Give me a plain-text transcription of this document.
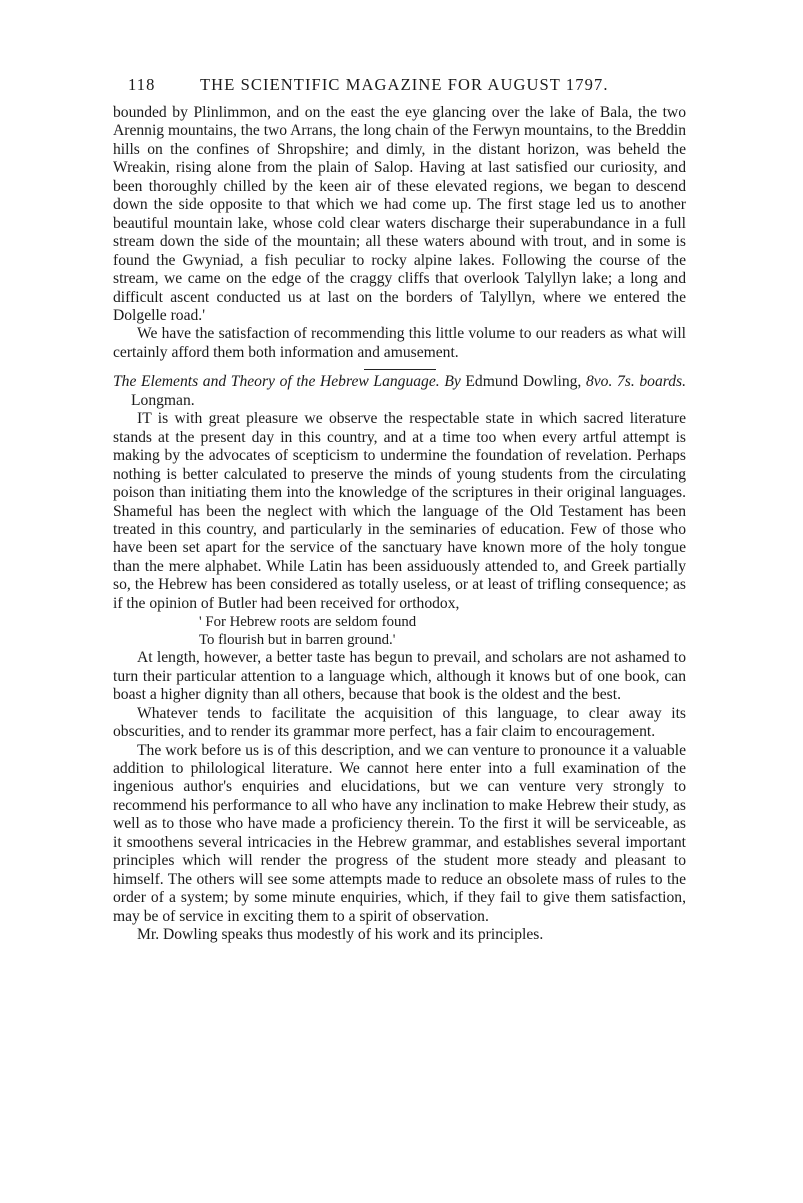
118	THE SCIENTIFIC MAGAZINE FOR AUGUST 1797.

bounded by Plinlimmon, and on the east the eye glancing over the lake of Bala, the two Arennig mountains, the two Arrans, the long chain of the Ferwyn mountains, to the Breddin hills on the confines of Shropshire; and dimly, in the distant horizon, was beheld the Wreakin, rising alone from the plain of Salop. Having at last satisfied our curiosity, and been thoroughly chilled by the keen air of these elevated regions, we began to descend down the side opposite to that which we had come up. The first stage led us to another beautiful mountain lake, whose cold clear waters discharge their superabundance in a full stream down the side of the mountain; all these waters abound with trout, and in some is found the Gwyniad, a fish peculiar to rocky alpine lakes. Following the course of the stream, we came on the edge of the craggy cliffs that overlook Talyllyn lake; a long and difficult ascent conducted us at last on the borders of Talyllyn, where we entered the Dolgelle road.'

We have the satisfaction of recommending this little volume to our readers as what will certainly afford them both information and amusement.

The Elements and Theory of the Hebrew Language. By Edmund Dowling, 8vo. 7s. boards. Longman.

IT is with great pleasure we observe the respectable state in which sacred literature stands at the present day in this country, and at a time too when every artful attempt is making by the advocates of scepticism to undermine the foundation of revelation. Perhaps nothing is better calculated to preserve the minds of young students from the circulating poison than initiating them into the knowledge of the scriptures in their original languages. Shameful has been the neglect with which the language of the Old Testament has been treated in this country, and particularly in the seminaries of education. Few of those who have been set apart for the service of the sanctuary have known more of the holy tongue than the mere alphabet. While Latin has been assiduously attended to, and Greek partially so, the Hebrew has been considered as totally useless, or at least of trifling consequence; as if the opinion of Butler had been received for orthodox,

' For Hebrew roots are seldom found
To flourish but in barren ground.'

At length, however, a better taste has begun to prevail, and scholars are not ashamed to turn their particular attention to a language which, although it knows but of one book, can boast a higher dignity than all others, because that book is the oldest and the best.

Whatever tends to facilitate the acquisition of this language, to clear away its obscurities, and to render its grammar more perfect, has a fair claim to encouragement.

The work before us is of this description, and we can venture to pronounce it a valuable addition to philological literature. We cannot here enter into a full examination of the ingenious author's enquiries and elucidations, but we can venture very strongly to recommend his performance to all who have any inclination to make Hebrew their study, as well as to those who have made a proficiency therein. To the first it will be serviceable, as it smoothens several intricacies in the Hebrew grammar, and establishes several important principles which will render the progress of the student more steady and pleasant to himself. The others will see some attempts made to reduce an obsolete mass of rules to the order of a system; by some minute enquiries, which, if they fail to give them satisfaction, may be of service in exciting them to a spirit of observation.

Mr. Dowling speaks thus modestly of his work and its principles.
